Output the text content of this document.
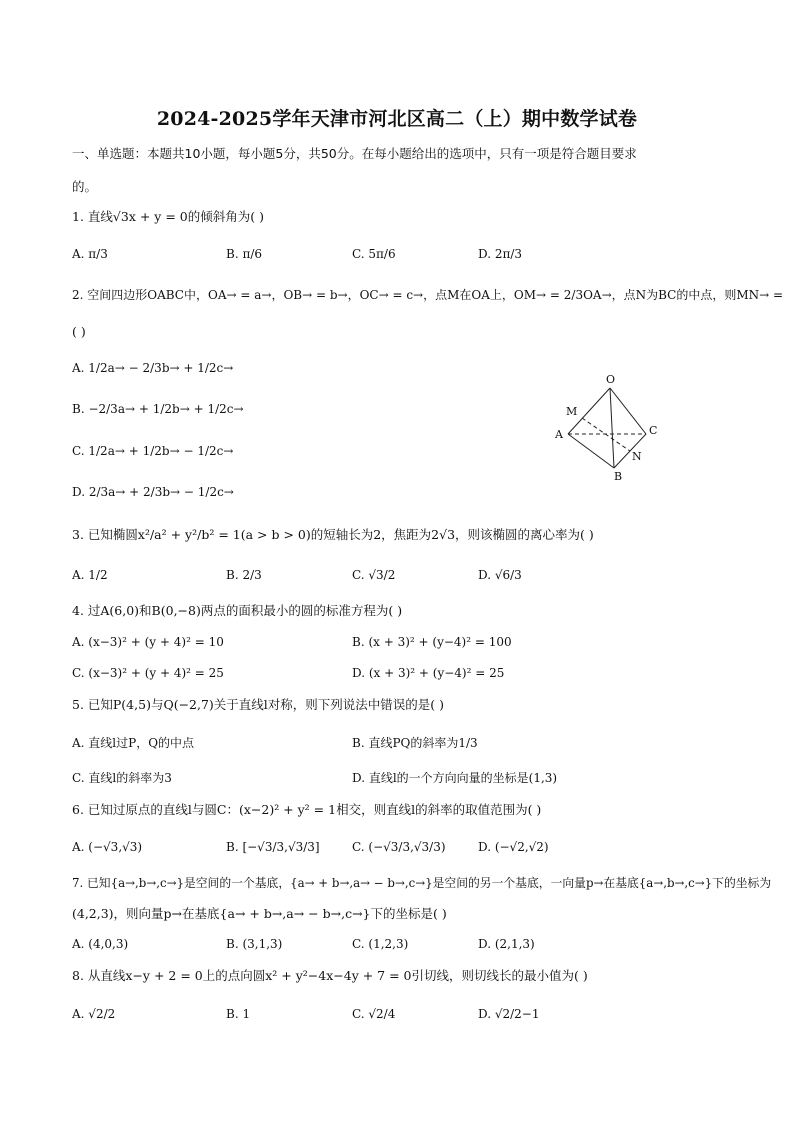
2024-2025学年天津市河北区高二（上）期中数学试卷
一、单选题：本题共10小题，每小题5分，共50分。在每小题给出的选项中，只有一项是符合题目要求
的。
1. 直线√3x + y = 0的倾斜角为( )
A. π/3	B. π/6	C. 5π/6	D. 2π/3
2. 空间四边形OABC中，OA→ = a→，OB→ = b→，OC→ = c→，点M在OA上，OM→ = 2/3OA→，点N为BC的中点，则MN→ =
( )
A. 1/2a→ − 2/3b→ + 1/2c→
B. −2/3a→ + 1/2b→ + 1/2c→
C. 1/2a→ + 1/2b→ − 1/2c→
D. 2/3a→ + 2/3b→ − 1/2c→
O
M
A	C
N
B
3. 已知椭圆x²/a² + y²/b² = 1(a > b > 0)的短轴长为2，焦距为2√3，则该椭圆的离心率为( )
A. 1/2	B. 2/3	C. √3/2	D. √6/3
4. 过A(6,0)和B(0,−8)两点的面积最小的圆的标准方程为( )
A. (x−3)² + (y + 4)² = 10	B. (x + 3)² + (y−4)² = 100
C. (x−3)² + (y + 4)² = 25	D. (x + 3)² + (y−4)² = 25
5. 已知P(4,5)与Q(−2,7)关于直线l对称，则下列说法中错误的是( )
A. 直线l过P，Q的中点	B. 直线PQ的斜率为1/3
C. 直线l的斜率为3	D. 直线l的一个方向向量的坐标是(1,3)
6. 已知过原点的直线l与圆C：(x−2)² + y² = 1相交，则直线l的斜率的取值范围为( )
A. (−√3,√3)	B. [−√3/3,√3/3]	C. (−√3/3,√3/3)	D. (−√2,√2)
7. 已知{a→,b→,c→}是空间的一个基底，{a→ + b→,a→ − b→,c→}是空间的另一个基底，一向量p→在基底{a→,b→,c→}下的坐标为
(4,2,3)，则向量p→在基底{a→ + b→,a→ − b→,c→}下的坐标是( )
A. (4,0,3)	B. (3,1,3)	C. (1,2,3)	D. (2,1,3)
8. 从直线x−y + 2 = 0上的点向圆x² + y²−4x−4y + 7 = 0引切线，则切线长的最小值为( )
A. √2/2	B. 1	C. √2/4	D. √2/2−1
